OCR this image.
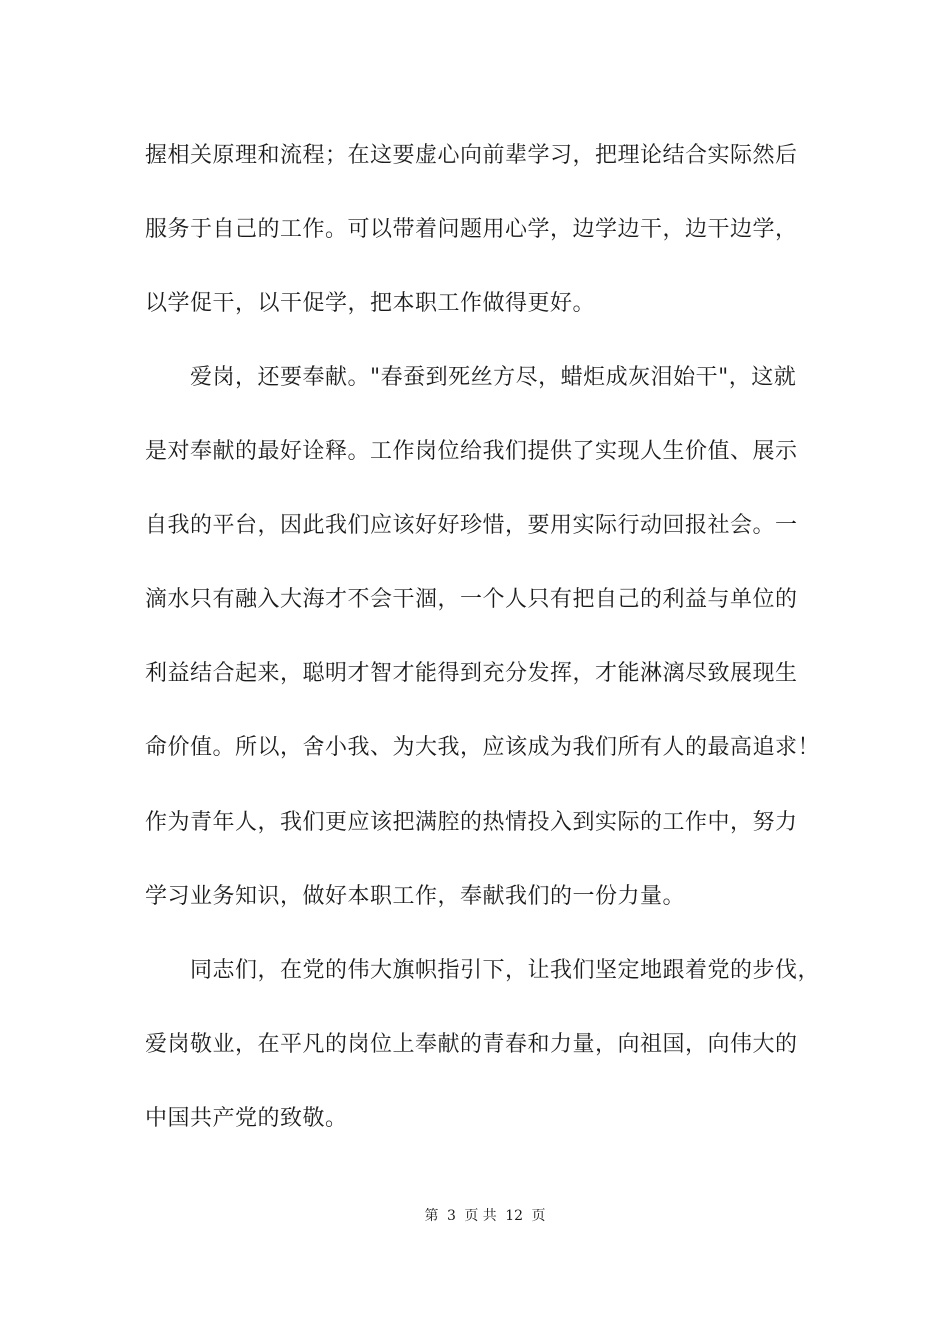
握相关原理和流程；在这要虚心向前辈学习，把理论结合实际然后
服务于自己的工作。可以带着问题用心学，边学边干，边干边学，
以学促干，以干促学，把本职工作做得更好。
爱岗，还要奉献。"春蚕到死丝方尽，蜡炬成灰泪始干"，这就
是对奉献的最好诠释。工作岗位给我们提供了实现人生价值、展示
自我的平台，因此我们应该好好珍惜，要用实际行动回报社会。一
滴水只有融入大海才不会干涸，一个人只有把自己的利益与单位的
利益结合起来，聪明才智才能得到充分发挥，才能淋漓尽致展现生
命价值。所以，舍小我、为大我，应该成为我们所有人的最高追求！
作为青年人，我们更应该把满腔的热情投入到实际的工作中，努力
学习业务知识，做好本职工作，奉献我们的一份力量。
同志们，在党的伟大旗帜指引下，让我们坚定地跟着党的步伐，
爱岗敬业，在平凡的岗位上奉献的青春和力量，向祖国，向伟大的
中国共产党的致敬。
第 3 页 共 12 页
